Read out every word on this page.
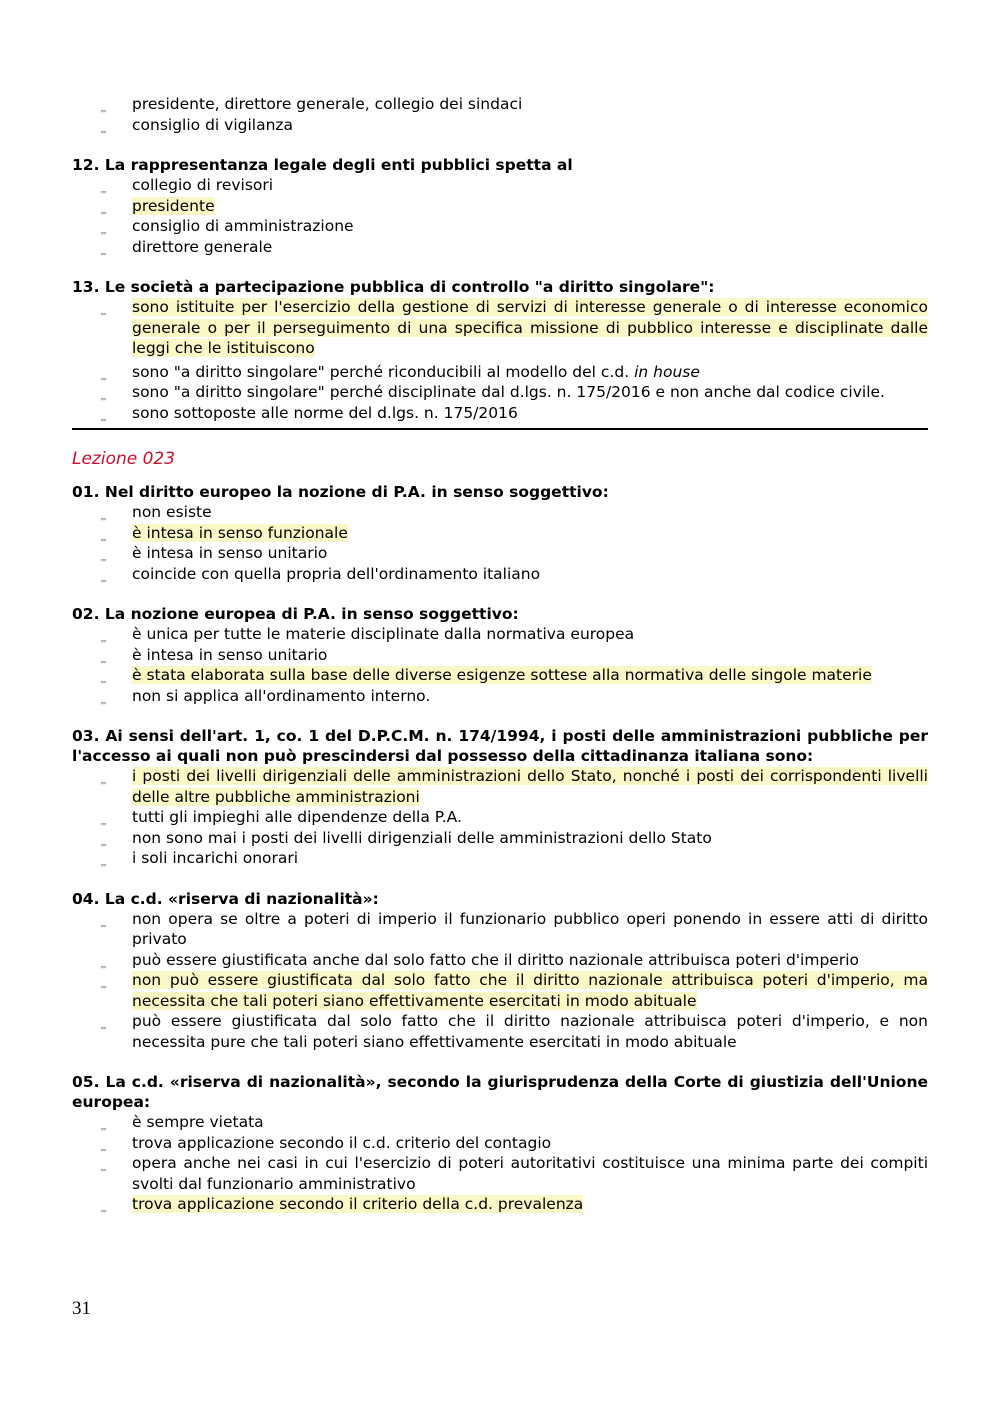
‗ presidente, direttore generale, collegio dei sindaci
‗ consiglio di vigilanza

12. La rappresentanza legale degli enti pubblici spetta al

‗ collegio di revisori
‗ presidente
‗ consiglio di amministrazione
‗ direttore generale

13. Le società a partecipazione pubblica di controllo "a diritto singolare":

‗ sono istituite per l'esercizio della gestione di servizi di interesse generale o di interesse economico generale o per il perseguimento di una specifica missione di pubblico interesse e disciplinate dalle leggi che le istituiscono
‗ sono "a diritto singolare" perché riconducibili al modello del c.d. in house
‗ sono "a diritto singolare" perché disciplinate dal d.lgs. n. 175/2016 e non anche dal codice civile.
‗ sono sottoposte alle norme del d.lgs. n. 175/2016

Lezione 023

01. Nel diritto europeo la nozione di P.A. in senso soggettivo:

‗ non esiste
‗ è intesa in senso funzionale
‗ è intesa in senso unitario
‗ coincide con quella propria dell'ordinamento italiano

02. La nozione europea di P.A. in senso soggettivo:

‗ è unica per tutte le materie disciplinate dalla normativa europea
‗ è intesa in senso unitario
‗ è stata elaborata sulla base delle diverse esigenze sottese alla normativa delle singole materie
‗ non si applica all'ordinamento interno.

03. Ai sensi dell'art. 1, co. 1 del D.P.C.M. n. 174/1994, i posti delle amministrazioni pubbliche per l'accesso ai quali non può prescindersi dal possesso della cittadinanza italiana sono:

‗ i posti dei livelli dirigenziali delle amministrazioni dello Stato, nonché i posti dei corrispondenti livelli delle altre pubbliche amministrazioni
‗ tutti gli impieghi alle dipendenze della P.A.
‗ non sono mai i posti dei livelli dirigenziali delle amministrazioni dello Stato
‗ i soli incarichi onorari

04. La c.d. «riserva di nazionalità»:

‗ non opera se oltre a poteri di imperio il funzionario pubblico operi ponendo in essere atti di diritto privato
‗ può essere giustificata anche dal solo fatto che il diritto nazionale attribuisca poteri d'imperio
‗ non può essere giustificata dal solo fatto che il diritto nazionale attribuisca poteri d'imperio, ma necessita che tali poteri siano effettivamente esercitati in modo abituale
‗ può essere giustificata dal solo fatto che il diritto nazionale attribuisca poteri d'imperio, e non necessita pure che tali poteri siano effettivamente esercitati in modo abituale

05. La c.d. «riserva di nazionalità», secondo la giurisprudenza della Corte di giustizia dell'Unione europea:

‗ è sempre vietata
‗ trova applicazione secondo il c.d. criterio del contagio
‗ opera anche nei casi in cui l'esercizio di poteri autoritativi costituisce una minima parte dei compiti svolti dal funzionario amministrativo
‗ trova applicazione secondo il criterio della c.d. prevalenza
31
